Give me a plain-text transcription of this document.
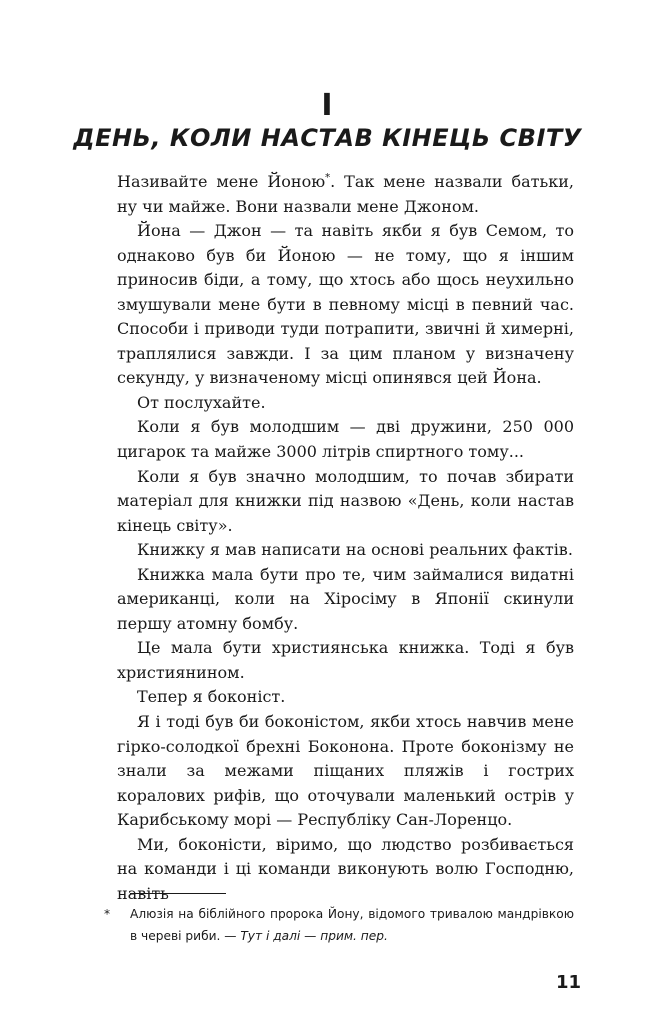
I
ДЕНЬ, КОЛИ НАСТАВ КІНЕЦЬ СВІТУ

Називайте мене Йоною*. Так мене назвали батьки, ну чи майже. Вони назвали мене Джоном.

Йона — Джон — та навіть якби я був Семом, то однаково був би Йоною — не тому, що я іншим приносив біди, а тому, що хтось або щось неухильно змушували мене бути в певному місці в певний час. Способи і приводи туди потрапити, звичні й химерні, траплялися завжди. І за цим планом у визначену секунду, у визначеному місці опинявся цей Йона.

От послухайте.

Коли я був молодшим — дві дружини, 250 000 цигарок та майже 3000 літрів спиртного тому...

Коли я був значно молодшим, то почав збирати матеріал для книжки під назвою «День, коли настав кінець світу».

Книжку я мав написати на основі реальних фактів.

Книжка мала бути про те, чим займалися видатні американці, коли на Хіросіму в Японії скинули першу атомну бомбу.

Це мала бути християнська книжка. Тоді я був християнином.

Тепер я боконіст.

Я і тоді був би боконістом, якби хтось навчив мене гірко-солодкої брехні Боконона. Проте боконізму не знали за межами піщаних пляжів і гострих коралових рифів, що оточували маленький острів у Карибському морі — Республіку Сан-Лоренцо.

Ми, боконісти, віримо, що людство розбивається на команди і ці команди виконують волю Господню, навіть

*	Алюзія на біблійного пророка Йону, відомого тривалою мандрівкою в череві риби. — Тут і далі — прим. пер.
11
